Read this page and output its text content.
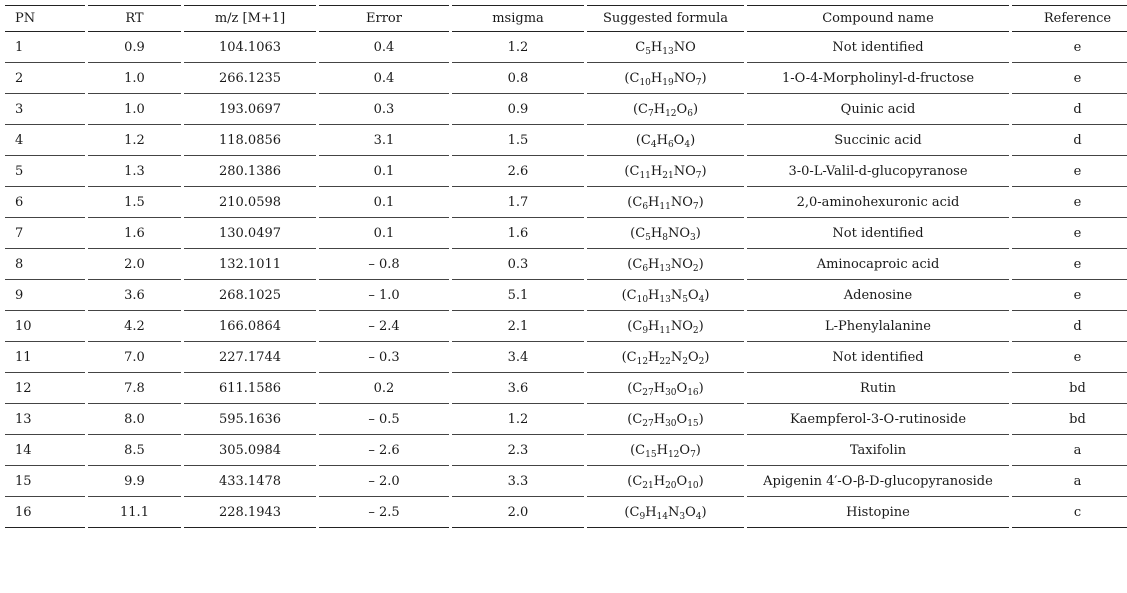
PN	RT	m/z [M+1]	Error	msigma	Suggested formula	Compound name	Reference
1	0.9	104.1063	0.4	1.2	$C_5H_{13}NO$	Not identified	e
2	1.0	266.1235	0.4	0.8	$(C_{10}H_{19}NO_7)$	1-O-4-Morpholinyl-d-fructose	e
3	1.0	193.0697	0.3	0.9	$(C_7H_{12}O_6)$	Quinic acid	d
4	1.2	118.0856	3.1	1.5	$(C_4H_6O_4)$	Succinic acid	d
5	1.3	280.1386	0.1	2.6	$(C_{11}H_{21}NO_7)$	3-0-L-Valil-d-glucopyranose	e
6	1.5	210.0598	0.1	1.7	$(C_6H_{11}NO_7)$	2,0-aminohexuronic acid	e
7	1.6	130.0497	0.1	1.6	$(C_5H_8NO_3)$	Not identified	e
8	2.0	132.1011	– 0.8	0.3	$(C_6H_{13}NO_2)$	Aminocaproic acid	e
9	3.6	268.1025	– 1.0	5.1	$(C_{10}H_{13}N_5O_4)$	Adenosine	e
10	4.2	166.0864	– 2.4	2.1	$(C_9H_{11}NO_2)$	L-Phenylalanine	d
11	7.0	227.1744	– 0.3	3.4	$(C_{12}H_{22}N_2O_2)$	Not identified	e
12	7.8	611.1586	0.2	3.6	$(C_{27}H_{30}O_{16})$	Rutin	bd
13	8.0	595.1636	– 0.5	1.2	$(C_{27}H_{30}O_{15})$	Kaempferol-3-O-rutinoside	bd
14	8.5	305.0984	– 2.6	2.3	$(C_{15}H_{12}O_7)$	Taxifolin	a
15	9.9	433.1478	– 2.0	3.3	$(C_{21}H_{20}O_{10})$	Apigenin 4′-O-β-D-glucopyranoside	a
16	11.1	228.1943	– 2.5	2.0	$(C_9H_{14}N_3O_4)$	Histopine	c
